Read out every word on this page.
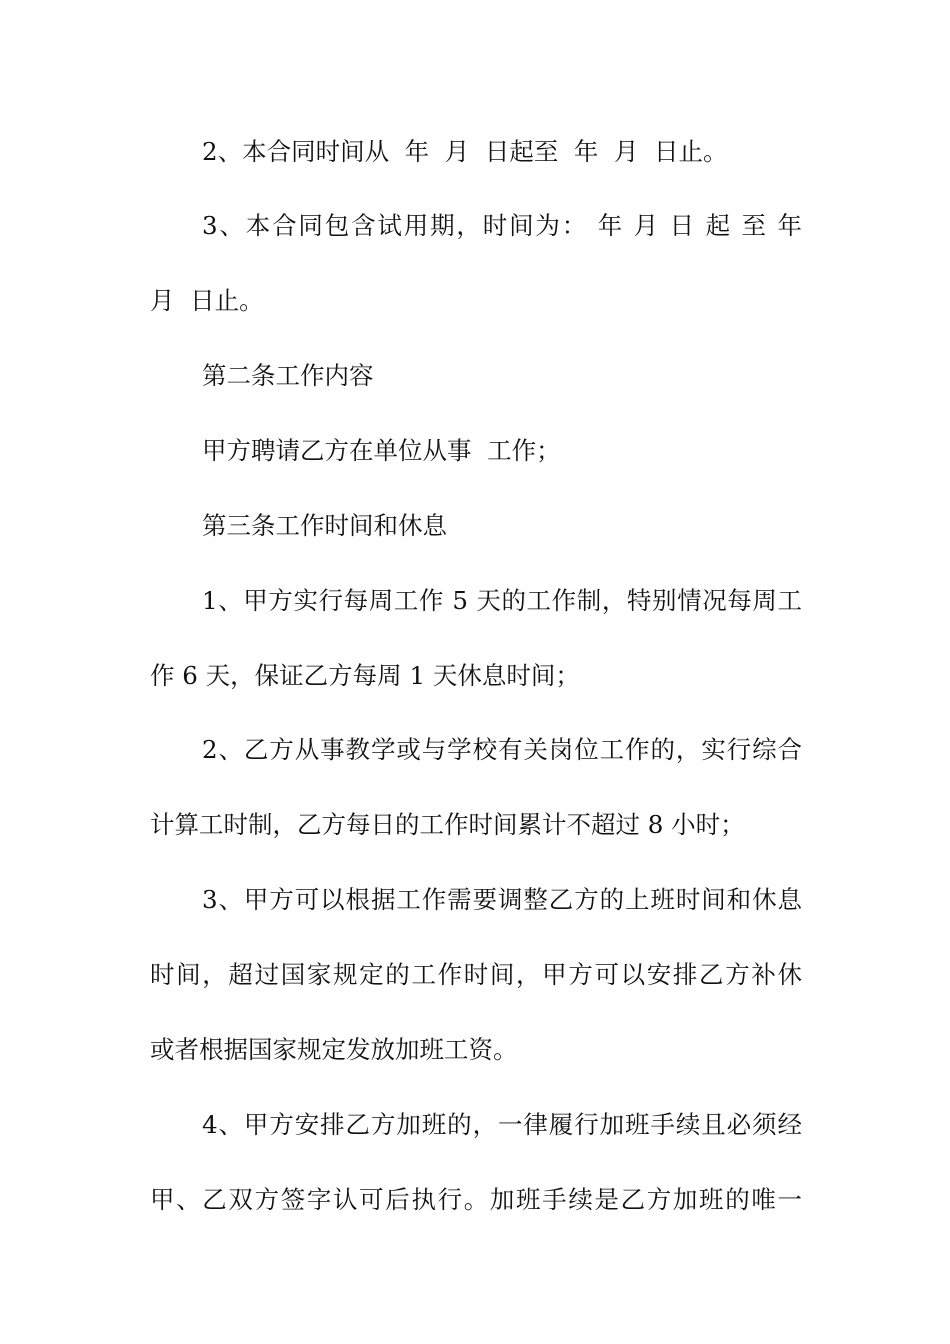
2、本合同时间从  年  月  日起至  年  月  日止。
3、本合同包含试用期，时间为： 年 月 日 起 至 年
月  日止。
第二条工作内容
甲方聘请乙方在单位从事  工作；
第三条工作时间和休息
1、甲方实行每周工作 5 天的工作制，特别情况每周工
作 6 天，保证乙方每周 1 天休息时间；
2、乙方从事教学或与学校有关岗位工作的，实行综合
计算工时制，乙方每日的工作时间累计不超过 8 小时；
3、甲方可以根据工作需要调整乙方的上班时间和休息
时间，超过国家规定的工作时间，甲方可以安排乙方补休
或者根据国家规定发放加班工资。
4、甲方安排乙方加班的，一律履行加班手续且必须经
甲、乙双方签字认可后执行。加班手续是乙方加班的唯一
